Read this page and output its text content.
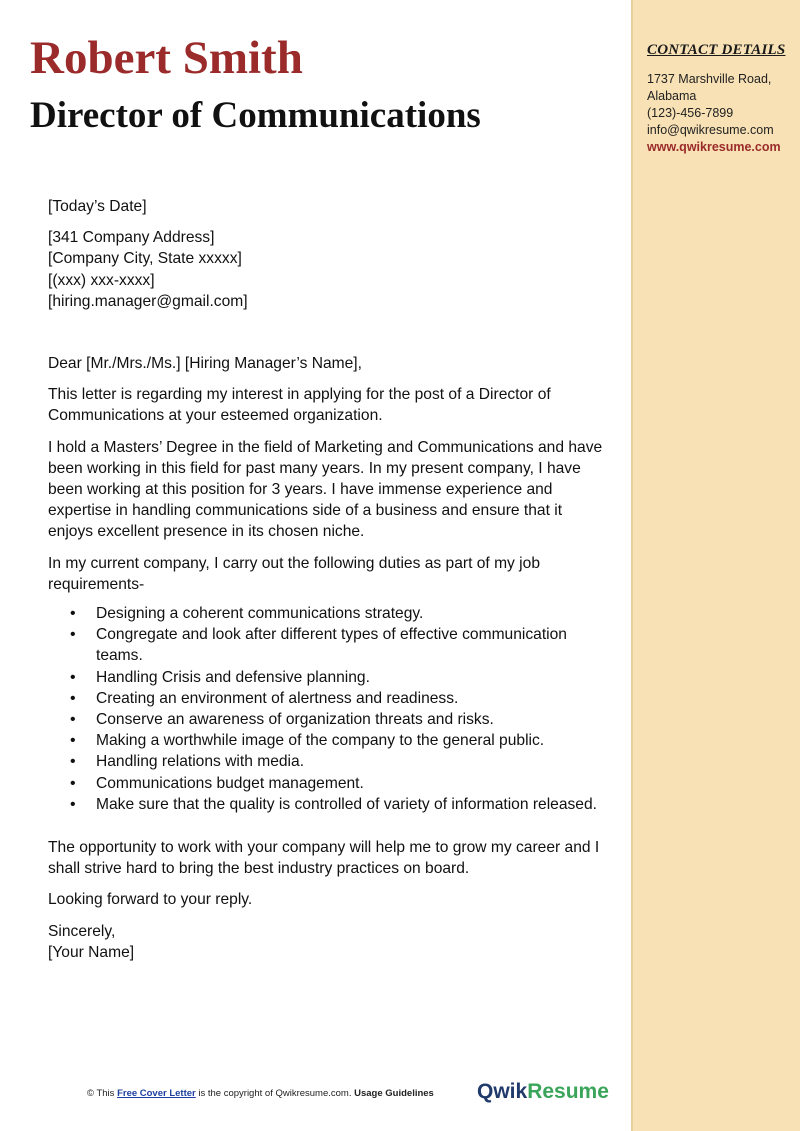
Robert Smith
Director of Communications
CONTACT DETAILS
1737 Marshville Road,
Alabama
(123)-456-7899
info@qwikresume.com
www.qwikresume.com

[Today’s Date]

[341 Company Address]

[Company City, State xxxxx]

[(xxx) xxx-xxxx]

[hiring.manager@gmail.com]

Dear [Mr./Mrs./Ms.] [Hiring Manager’s Name],

This letter is regarding my interest in applying for the post of a Director of Communications at your esteemed organization.

I hold a Masters’ Degree in the field of Marketing and Communications and have been working in this field for past many years. In my present company, I have been working at this position for 3 years. I have immense experience and expertise in handling communications side of a business and ensure that it enjoys excellent presence in its chosen niche.

In my current company, I carry out the following duties as part of my job requirements-

• Designing a coherent communications strategy.
• Congregate and look after different types of effective communication teams.
• Handling Crisis and defensive planning.
• Creating an environment of alertness and readiness.
• Conserve an awareness of organization threats and risks.
• Making a worthwhile image of the company to the general public.
• Handling relations with media.
• Communications budget management.
• Make sure that the quality is controlled of variety of information released.

The opportunity to work with your company will help me to grow my career and I shall strive hard to bring the best industry practices on board.

Looking forward to your reply.

Sincerely,

[Your Name]

© This Free Cover Letter is the copyright of Qwikresume.com. Usage Guidelines QwikResume
